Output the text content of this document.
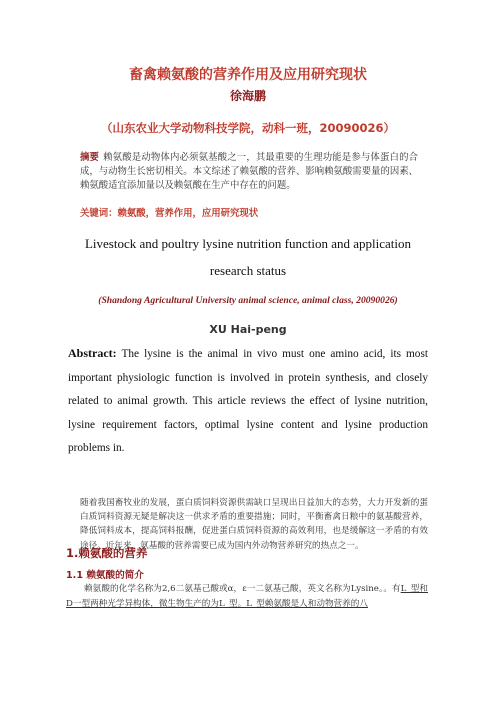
畜禽赖氨酸的营养作用及应用研究现状
徐海鹏
（山东农业大学动物科技学院，动科一班，20090026）
摘要 赖氨酸是动物体内必须氨基酸之一，其最重要的生理功能是参与体蛋白的合成，与动物生长密切相关。本文综述了赖氨酸的营养、影响赖氨酸需要量的因素、赖氨酸适宜添加量以及赖氨酸在生产中存在的问题。
关键词：赖氨酸，营养作用，应用研究现状
Livestock and poultry lysine nutrition function and application
research status
(Shandong Agricultural University animal science, animal class, 20090026)
XU Hai-peng
Abstract: The lysine is the animal in vivo must one amino acid, its most important physiologic function is involved in protein synthesis, and closely related to animal growth. This article reviews the effect of lysine nutrition, lysine requirement factors, optimal lysine content and lysine production problems in.
随着我国畜牧业的发展，蛋白质饲料资源供需缺口呈现出日益加大的态势，大力开发新的蛋白质饲料资源无疑是解决这一供求矛盾的重要措施；同时，平衡畜禽日粮中的氨基酸营养，降低饲料成本，提高饲料报酬，促进蛋白质饲料资源的高效利用，也是缓解这一矛盾的有效途径。近年来，氨基酸的营养需要已成为国内外动物营养研究的热点之一。
1.赖氨酸的营养
1.1 赖氨酸的简介
赖氨酸的化学名称为2,6二氨基己酸或α，ε一二氨基己酸，英文名称为Lysine。。有L_型和D一型两种光学异构体，微生物生产的为L_型。L_型赖氨酸是人和动物营养的八
